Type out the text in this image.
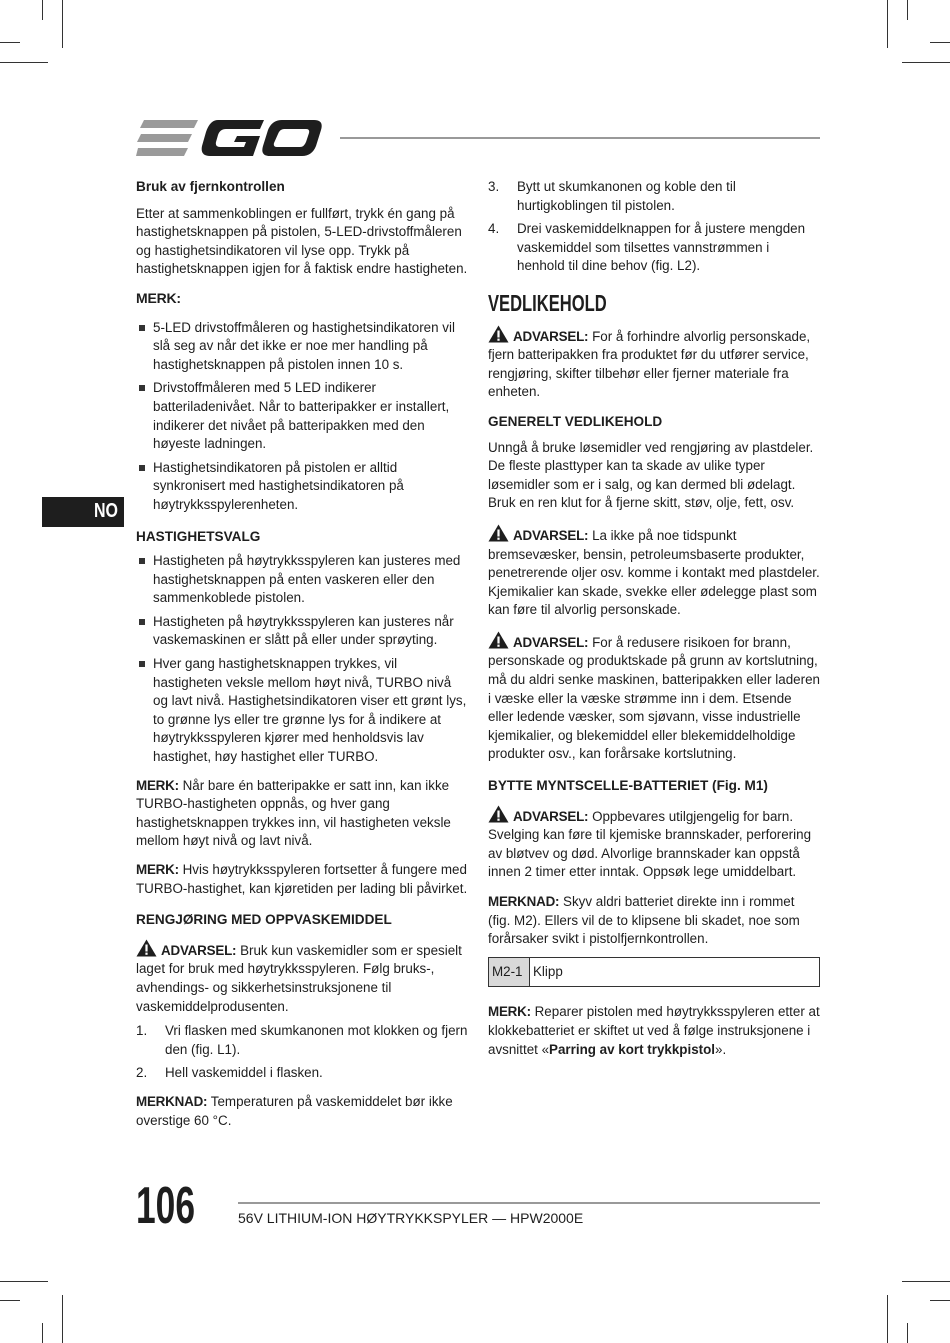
NO
Bruk av fjernkontrollen

Etter at sammenkoblingen er fullført, trykk én gang på hastighetsknappen på pistolen, 5-LED-drivstoffmåleren og hastighetsindikatoren vil lyse opp. Trykk på hastighetsknappen igjen for å faktisk endre hastigheten.

MERK:

5-LED drivstoffmåleren og hastighetsindikatoren vil slå seg av når det ikke er noe mer handling på hastighetsknappen på pistolen innen 10 s.

Drivstoffmåleren med 5 LED indikerer batteriladenivået. Når to batteripakker er installert, indikerer det nivået på batteripakken med den høyeste ladningen.

Hastighetsindikatoren på pistolen er alltid synkronisert med hastighetsindikatoren på høytrykksspylerenheten.

HASTIGHETSVALG

Hastigheten på høytrykksspyleren kan justeres med hastighetsknappen på enten vaskeren eller den sammenkoblede pistolen.

Hastigheten på høytrykksspyleren kan justeres når vaskemaskinen er slått på eller under sprøyting.

Hver gang hastighetsknappen trykkes, vil hastigheten veksle mellom høyt nivå, TURBO nivå og lavt nivå. Hastighetsindikatoren viser ett grønt lys, to grønne lys eller tre grønne lys for å indikere at høytrykksspyleren kjører med henholdsvis lav hastighet, høy hastighet eller TURBO.

MERK: Når bare én batteripakke er satt inn, kan ikke TURBO-hastigheten oppnås, og hver gang hastighetsknappen trykkes inn, vil hastigheten veksle mellom høyt nivå og lavt nivå.

MERK: Hvis høytrykksspyleren fortsetter å fungere med TURBO-hastighet, kan kjøretiden per lading bli påvirket.

RENGJØRING MED OPPVASKEMIDDEL

ADVARSEL: Bruk kun vaskemidler som er spesielt laget for bruk med høytrykksspyleren. Følg bruks-, avhendings- og sikkerhetsinstruksjonene til vaskemiddelprodusenten.

1. Vri flasken med skumkanonen mot klokken og fjern den (fig. L1).

2. Hell vaskemiddel i flasken.

MERKNAD: Temperaturen på vaskemiddelet bør ikke overstige 60 °C.

3. Bytt ut skumkanonen og koble den til hurtigkoblingen til pistolen.

4. Drei vaskemiddelknappen for å justere mengden vaskemiddel som tilsettes vannstrømmen i henhold til dine behov (fig. L2).

VEDLIKEHOLD

ADVARSEL: For å forhindre alvorlig personskade, fjern batteripakken fra produktet før du utfører service, rengjøring, skifter tilbehør eller fjerner materiale fra enheten.

GENERELT VEDLIKEHOLD

Unngå å bruke løsemidler ved rengjøring av plastdeler. De fleste plasttyper kan ta skade av ulike typer løsemidler som er i salg, og kan dermed bli ødelagt. Bruk en ren klut for å fjerne skitt, støv, olje, fett, osv.

ADVARSEL: La ikke på noe tidspunkt bremsevæsker, bensin, petroleumsbaserte produkter, penetrerende oljer osv. komme i kontakt med plastdeler. Kjemikalier kan skade, svekke eller ødelegge plast som kan føre til alvorlig personskade.

ADVARSEL: For å redusere risikoen for brann, personskade og produktskade på grunn av kortslutning, må du aldri senke maskinen, batteripakken eller laderen i væske eller la væske strømme inn i dem. Etsende eller ledende væsker, som sjøvann, visse industrielle kjemikalier, og blekemiddel eller blekemiddelholdige produkter osv., kan forårsake kortslutning.

BYTTE MYNTSCELLE-BATTERIET (Fig. M1)

ADVARSEL: Oppbevares utilgjengelig for barn. Svelging kan føre til kjemiske brannskader, perforering av bløtvev og død. Alvorlige brannskader kan oppstå innen 2 timer etter inntak. Oppsøk lege umiddelbart.

MERKNAD: Skyv aldri batteriet direkte inn i rommet (fig. M2). Ellers vil de to klipsene bli skadet, noe som forårsaker svikt i pistolfjernkontrollen.

M2-1	Klipp

MERK: Reparer pistolen med høytrykksspyleren etter at klokkebatteriet er skiftet ut ved å følge instruksjonene i avsnittet «Parring av kort trykkpistol».

106	56V LITHIUM-ION HØYTRYKKSPYLER — HPW2000E
